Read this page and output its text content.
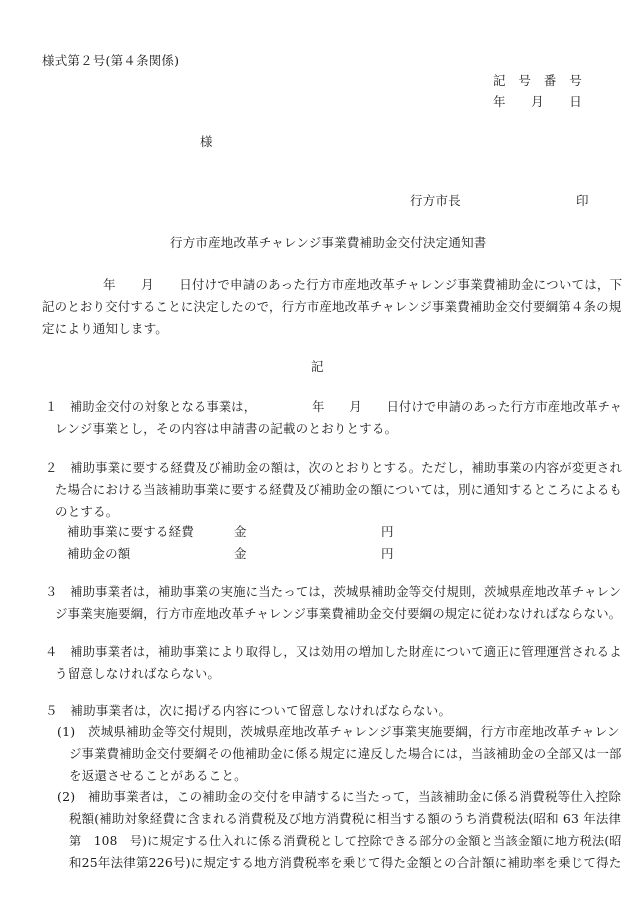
様式第２号(第４条関係)
記　号　番　号
年　　月　　日
様
行方市長	印
行方市産地改革チャレンジ事業費補助金交付決定通知書
年　　月　　日付けで申請のあった行方市産地改革チャレンジ事業費補助金については，下
記のとおり交付することに決定したので，行方市産地改革チャレンジ事業費補助金交付要綱第４条の規
定により通知します。
記
１　補助金交付の対象となる事業は，　　　　　年　　月　　日付けで申請のあった行方市産地改革チャ
レンジ事業とし，その内容は申請書の記載のとおりとする。
２　補助事業に要する経費及び補助金の額は，次のとおりとする。ただし，補助事業の内容が変更され
た場合における当該補助事業に要する経費及び補助金の額については，別に通知するところによるも
のとする。
補助事業に要する経費	金	円
補助金の額	金	円
３　補助事業者は，補助事業の実施に当たっては，茨城県補助金等交付規則，茨城県産地改革チャレン
ジ事業実施要綱，行方市産地改革チャレンジ事業費補助金交付要綱の規定に従わなければならない。
４　補助事業者は，補助事業により取得し，又は効用の増加した財産について適正に管理運営されるよ
う留意しなければならない。
５　補助事業者は，次に掲げる内容について留意しなければならない。
(1)　茨城県補助金等交付規則，茨城県産地改革チャレンジ事業実施要綱，行方市産地改革チャレン
ジ事業費補助金交付要綱その他補助金に係る規定に違反した場合には，当該補助金の全部又は一部
を返還させることがあること。
(2)　補助事業者は，この補助金の交付を申請するに当たって，当該補助金に係る消費税等仕入控除
税額(補助対象経費に含まれる消費税及び地方消費税に相当する額のうち消費税法(昭和 63 年法律
第　108　号)に規定する仕入れに係る消費税として控除できる部分の金額と当該金額に地方税法(昭
和25年法律第226号)に規定する地方消費税率を乗じて得た金額との合計額に補助率を乗じて得た
